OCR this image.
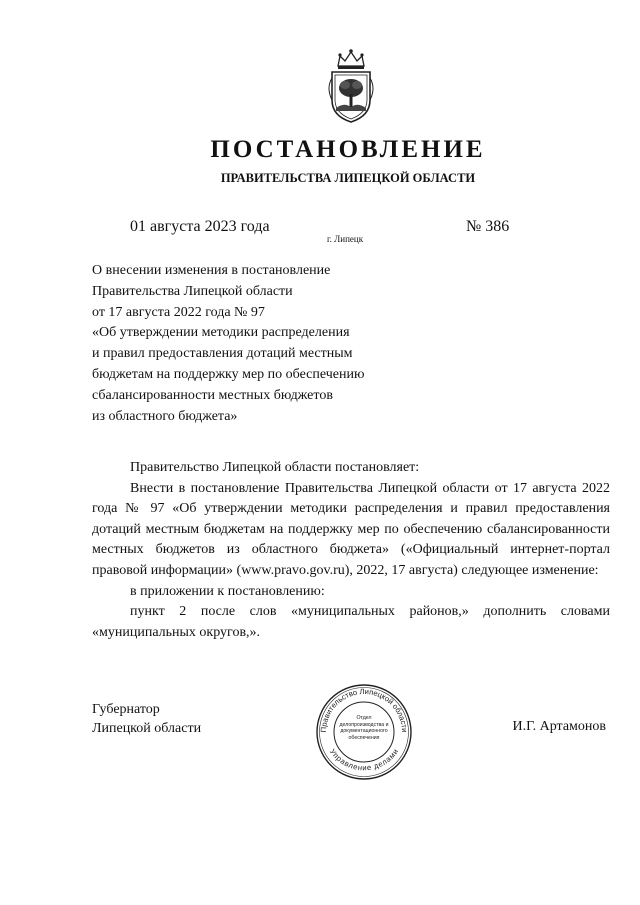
ПОСТАНОВЛЕНИЕ
ПРАВИТЕЛЬСТВА ЛИПЕЦКОЙ ОБЛАСТИ
01 августа 2023 года
г. Липецк
№ 386
О внесении изменения в постановление
Правительства Липецкой области
от 17 августа 2022 года № 97
«Об утверждении методики распределения
и правил предоставления дотаций местным
бюджетам на поддержку мер по обеспечению
сбалансированности местных бюджетов
из областного бюджета»

Правительство Липецкой области постановляет:

Внести в постановление Правительства Липецкой области от 17 августа 2022 года № 97 «Об утверждении методики распределения и правил предоставления дотаций местным бюджетам на поддержку мер по обеспечению сбалансированности местных бюджетов из областного бюджета» («Официальный интернет-портал правовой информации» (www.pravo.gov.ru), 2022, 17 августа) следующее изменение:

в приложении к постановлению:

пункт 2 после слов «муниципальных районов,» дополнить словами «муниципальных округов,».

Губернатор
Липецкой области	Правительство Липецкой области
Управление делами
Отдел делопроизводства и документационного обеспечения
И.Г. Артамонов
